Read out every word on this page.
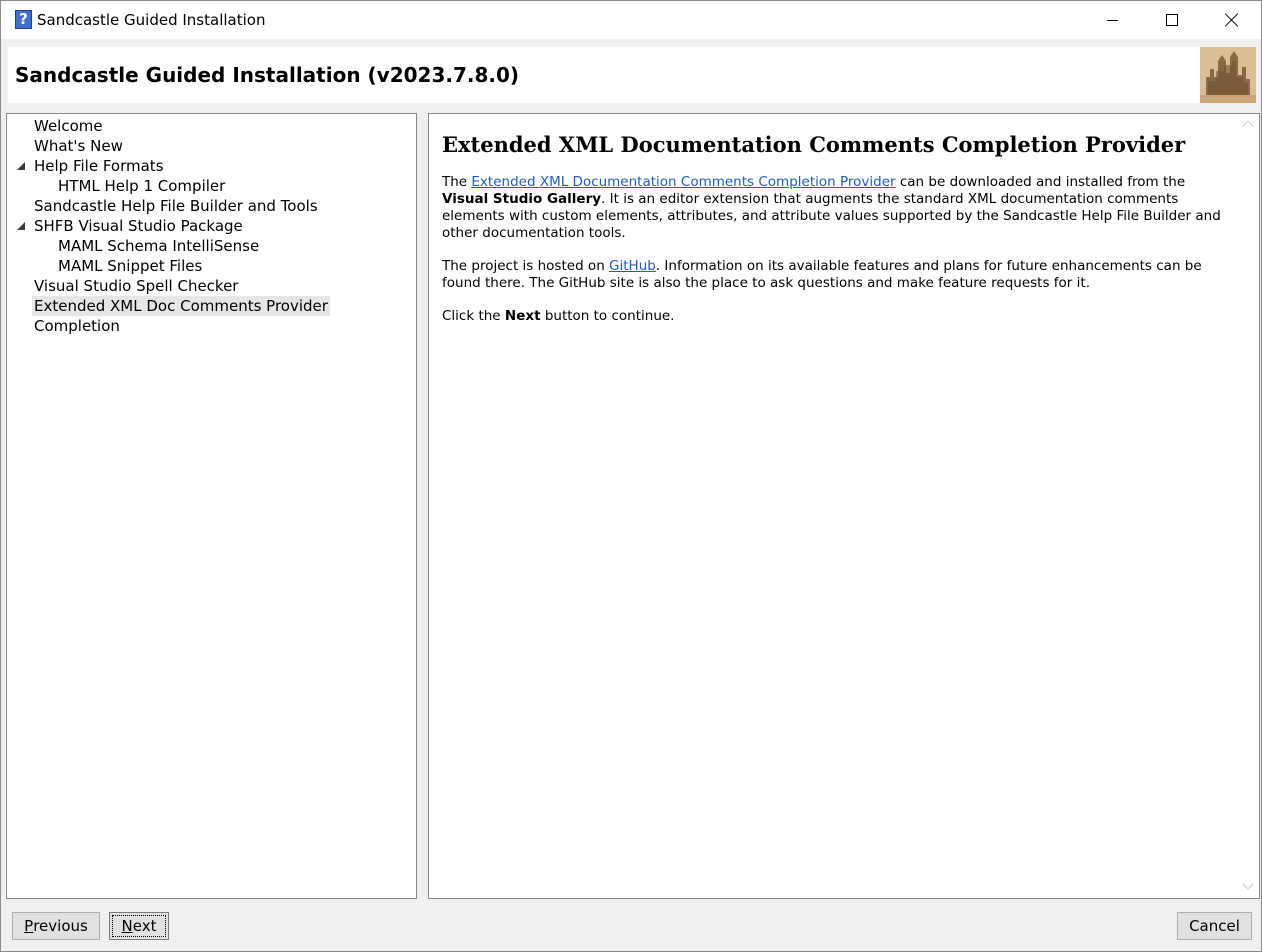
? Sandcastle Guided Installation
Sandcastle Guided Installation (v2023.7.8.0)
Welcome
What's New
Help File Formats
HTML Help 1 Compiler
Sandcastle Help File Builder and Tools
SHFB Visual Studio Package
MAML Schema IntelliSense
MAML Snippet Files
Visual Studio Spell Checker
Extended XML Doc Comments Provider
Completion
Extended XML Documentation Comments Completion Provider

The Extended XML Documentation Comments Completion Provider can be downloaded and installed from the Visual Studio Gallery. It is an editor extension that augments the standard XML documentation comments elements with custom elements, attributes, and attribute values supported by the Sandcastle Help File Builder and other documentation tools.

The project is hosted on GitHub. Information on its available features and plans for future enhancements can be found there. The GitHub site is also the place to ask questions and make feature requests for it.

Click the Next button to continue.

P revious	Next	Cancel
